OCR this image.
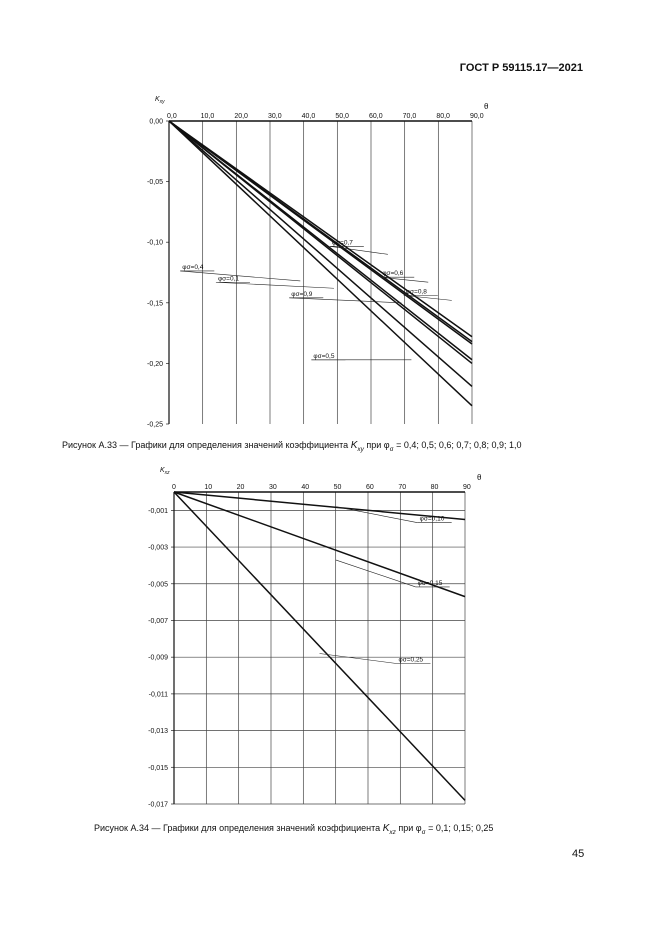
ГОСТ Р 59115.17—2021
0,0	10,0	20,0	30,0	40,0	50,0	60,0	70,0	80,0	90,0
0,00
-0,05
-0,10
-0,15
-0,20
-0,25
$K_{xy}$	θ
φσ=0,7
φσ=0,6
φσ=0,8
φσ=0,4
φσ=0,1
φσ=0,9
φσ=0,5
0	10	20	30	40	50	60	70	80	90
-0,001
-0,003
-0,005
-0,007
-0,009
-0,011
-0,013
-0,015
-0,017
$K_{xz}$	θ
φσ=0,10
φσ=0,15
φσ=0,25
Рисунок А.33 — Графики для определения значений коэффициента $K_{xy}$ при $\varphi_\sigma = 0,4$; 0,5; 0,6; 0,7; 0,8; 0,9; 1,0
Рисунок А.34 — Графики для определения значений коэффициента $K_{xz}$ при $\varphi_\sigma = 0,1$; 0,15; 0,25
45
